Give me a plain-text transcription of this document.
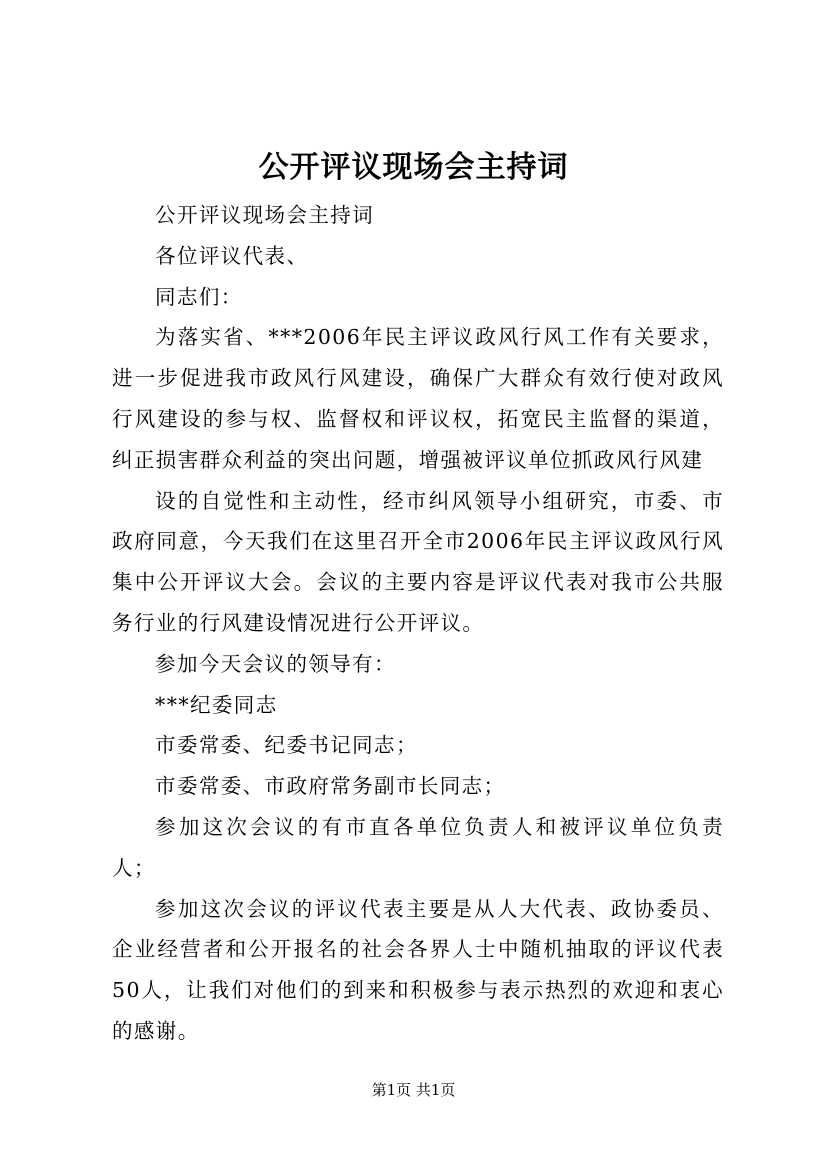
公开评议现场会主持词

公开评议现场会主持词

各位评议代表、

同志们：

为落实省、***2006年民主评议政风行风工作有关要求，进一步促进我市政风行风建设，确保广大群众有效行使对政风行风建设的参与权、监督权和评议权，拓宽民主监督的渠道，纠正损害群众利益的突出问题，增强被评议单位抓政风行风建

设的自觉性和主动性，经市纠风领导小组研究，市委、市政府同意，今天我们在这里召开全市2006年民主评议政风行风集中公开评议大会。会议的主要内容是评议代表对我市公共服务行业的行风建设情况进行公开评议。

参加今天会议的领导有：

***纪委同志

市委常委、纪委书记同志；

市委常委、市政府常务副市长同志；

参加这次会议的有市直各单位负责人和被评议单位负责人；

参加这次会议的评议代表主要是从人大代表、政协委员、企业经营者和公开报名的社会各界人士中随机抽取的评议代表50人，让我们对他们的到来和积极参与表示热烈的欢迎和衷心的感谢。

第1页 共1页
